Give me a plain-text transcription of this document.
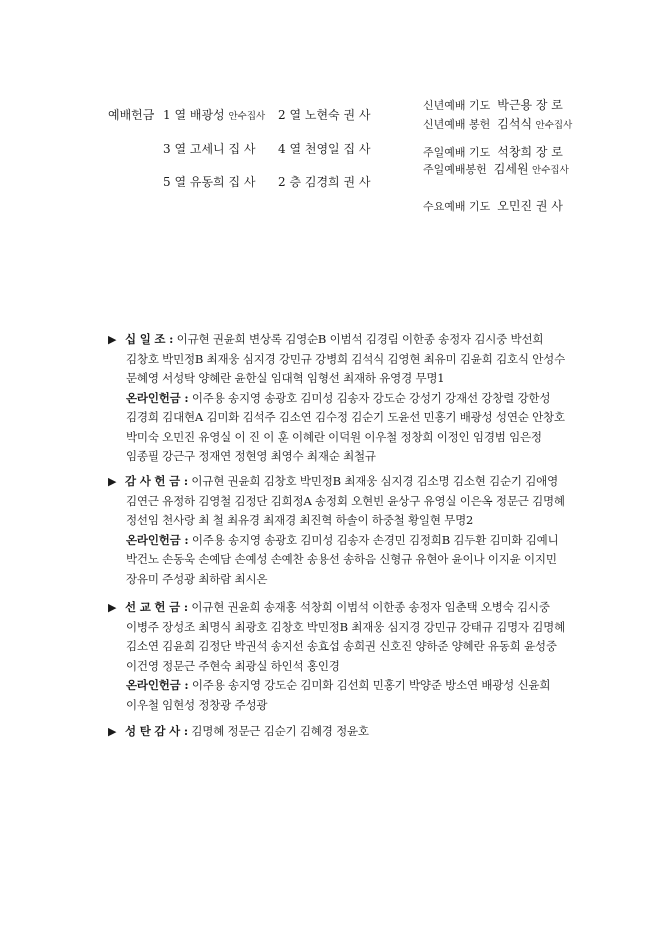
예배헌금 1 열 배광성 안수집사 2 열 노현숙 권 사
3 열 고세니 집 사 4 열 천영일 집 사
5 열 유동희 집 사 2 층 김경희 권 사
신년예배 기도 박근용 장 로
신년예배 봉헌 김석식 안수집사
주일예배 기도 석창희 장 로
주일예배봉헌 김세원 안수집사
수요예배 기도 오민진 권 사
▶ 십 일 조 : 이규현 권윤희 변상록 김영순B 이범석 김경림 이한종 송정자 김시중 박선희
김창호 박민정B 최재웅 심지경 강민규 강병희 김석식 김영현 최유미 김윤희 김호식 안성수
문혜영 서성탁 양혜란 윤한실 임대혁 임형선 최재하 유영경 무명1
온라인헌금 : 이주용 송지영 송광호 김미성 김송자 강도순 강성기 강재선 강창렬 강한성
김경희 김대현A 김미화 김석주 김소연 김수정 김순기 도윤선 민홍기 배광성 성연순 안창호
박미숙 오민진 유영실 이 진 이 훈 이혜란 이덕원 이우철 정창희 이정인 임경범 임은정
임종필 강근구 정재연 정현영 최영수 최재순 최철규
▶ 감 사 헌 금 : 이규현 권윤희 김창호 박민정B 최재웅 심지경 김소명 김소현 김순기 김애영
김연근 유정하 김영철 김정단 김희정A 송정회 오현빈 윤상구 유영실 이은옥 정문근 김명혜
정선임 천사랑 최 철 최유경 최재경 최진혁 하솔이 하중철 황일현 무명2
온라인헌금 : 이주용 송지영 송광호 김미성 김송자 손경민 김정희B 김두환 김미화 김예니
박건노 손동욱 손예담 손예성 손예찬 송용선 송하음 신형규 유현아 윤이나 이지윤 이지민
장유미 주성광 최하람 최시온
▶ 선 교 헌 금 : 이규현 권윤희 송재홍 석창희 이범석 이한종 송정자 임춘택 오병숙 김시중
이병주 장성조 최명식 최광호 김창호 박민정B 최재웅 심지경 강민규 강태규 김명자 김명혜
김소연 김윤희 김정단 박권석 송지선 송효섭 송희권 신호진 양하준 양혜란 유동희 윤성중
이건영 정문근 주현숙 최광실 하인석 홍인경
온라인헌금 : 이주용 송지영 강도순 김미화 김선희 민홍기 박양준 방소연 배광성 신윤희
이우철 임현성 정창광 주성광
▶ 성 탄 감 사 : 김명혜 정문근 김순기 김혜경 정윤호
